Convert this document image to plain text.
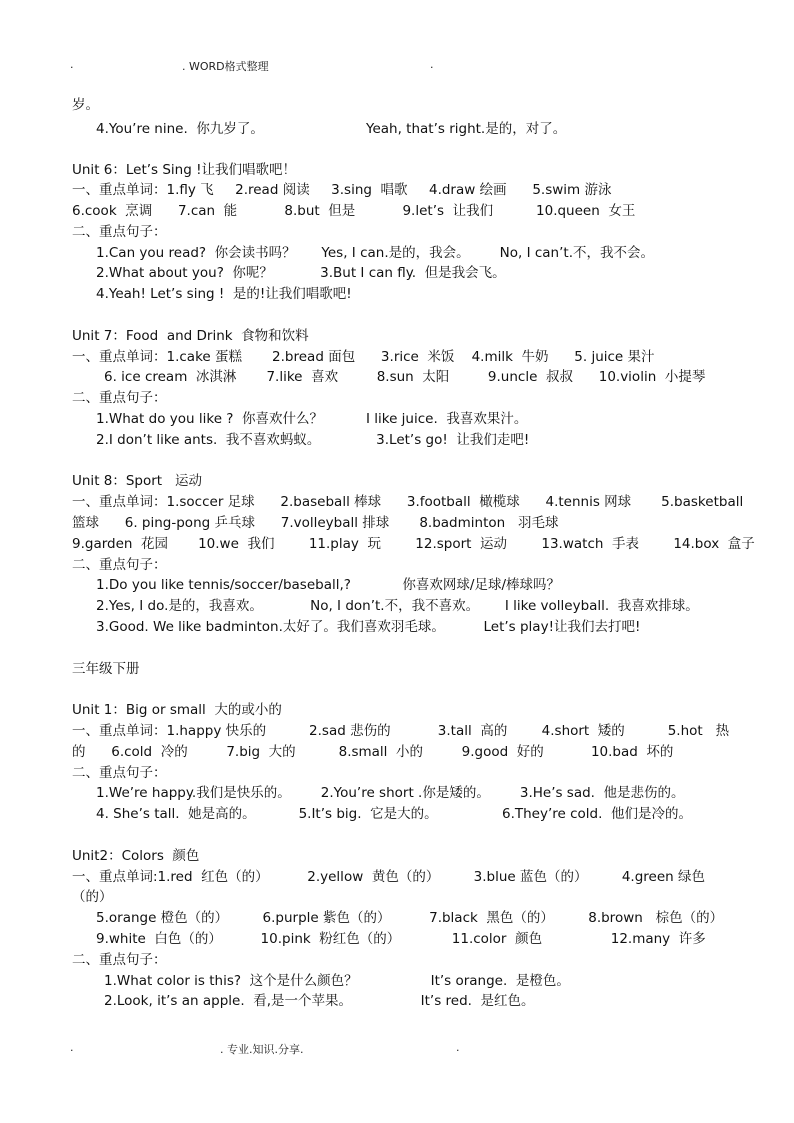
.

	. WORD格式整理

	.

岁。
4.You’re nine.  你九岁了。	Yeah, that’s right.是的，对了。
Unit 6：Let’s Sing !让我们唱歌吧！
一、重点单词：1.fly 飞     2.read 阅读     3.sing  唱歌     4.draw 绘画      5.swim 游泳
6.cook  烹调      7.can  能           8.but  但是           9.let’s  让我们          10.queen  女王
二、重点句子：
1.Can you read?  你会读书吗？      Yes, I can.是的，我会。       No, I can’t.不，我不会。
2.What about you?  你呢？           3.But I can fly.  但是我会飞。
4.Yeah! Let’s sing !  是的!让我们唱歌吧!
Unit 7：Food  and Drink  食物和饮料
一、重点单词：1.cake 蛋糕       2.bread 面包      3.rice  米饭    4.milk  牛奶      5. juice 果汁
6. ice cream  冰淇淋       7.like  喜欢         8.sun  太阳         9.uncle  叔叔      10.violin  小提琴
二、重点句子：
1.What do you like ?  你喜欢什么？          I like juice.  我喜欢果汁。
2.I don’t like ants.  我不喜欢蚂蚁。             3.Let’s go!  让我们走吧!
Unit 8：Sport   运动
一、重点单词：1.soccer 足球      2.baseball 棒球      3.football  橄榄球      4.tennis 网球       5.basketball
篮球      6. ping-pong 乒乓球      7.volleyball 排球       8.badminton   羽毛球
9.garden  花园       10.we  我们        11.play  玩        12.sport  运动        13.watch  手表        14.box  盒子
二、重点句子：
1.Do you like tennis/soccer/baseball,?            你喜欢网球/足球/棒球吗？
2.Yes, I do.是的，我喜欢。           No, I don’t.不，我不喜欢。      I like volleyball.  我喜欢排球。
3.Good. We like badminton.太好了。我们喜欢羽毛球。         Let’s play!让我们去打吧!
三年级下册
Unit 1：Big or small  大的或小的
一、重点单词：1.happy 快乐的          2.sad 悲伤的           3.tall  高的        4.short  矮的          5.hot   热
的      6.cold  冷的         7.big  大的          8.small  小的         9.good  好的           10.bad  坏的
二、重点句子：
1.We’re happy.我们是快乐的。       2.You’re short .你是矮的。       3.He’s sad.  他是悲伤的。
4. She’s tall.  她是高的。          5.It’s big.  它是大的。               6.They’re cold.  他们是冷的。
Unit2：Colors  颜色
一、重点单词:1.red  红色（的）         2.yellow  黄色（的）        3.blue 蓝色（的）        4.green 绿色
（的）
5.orange 橙色（的）        6.purple 紫色（的）         7.black  黑色（的）        8.brown   棕色（的）
9.white  白色（的）         10.pink  粉红色（的）            11.color  颜色                12.many  许多
二、重点句子：
1.What color is this?  这个是什么颜色？                 It’s orange.  是橙色。
2.Look, it’s an apple.  看,是一个苹果。                It’s red.  是红色。

.

	. 专业.知识.分享.

	.
